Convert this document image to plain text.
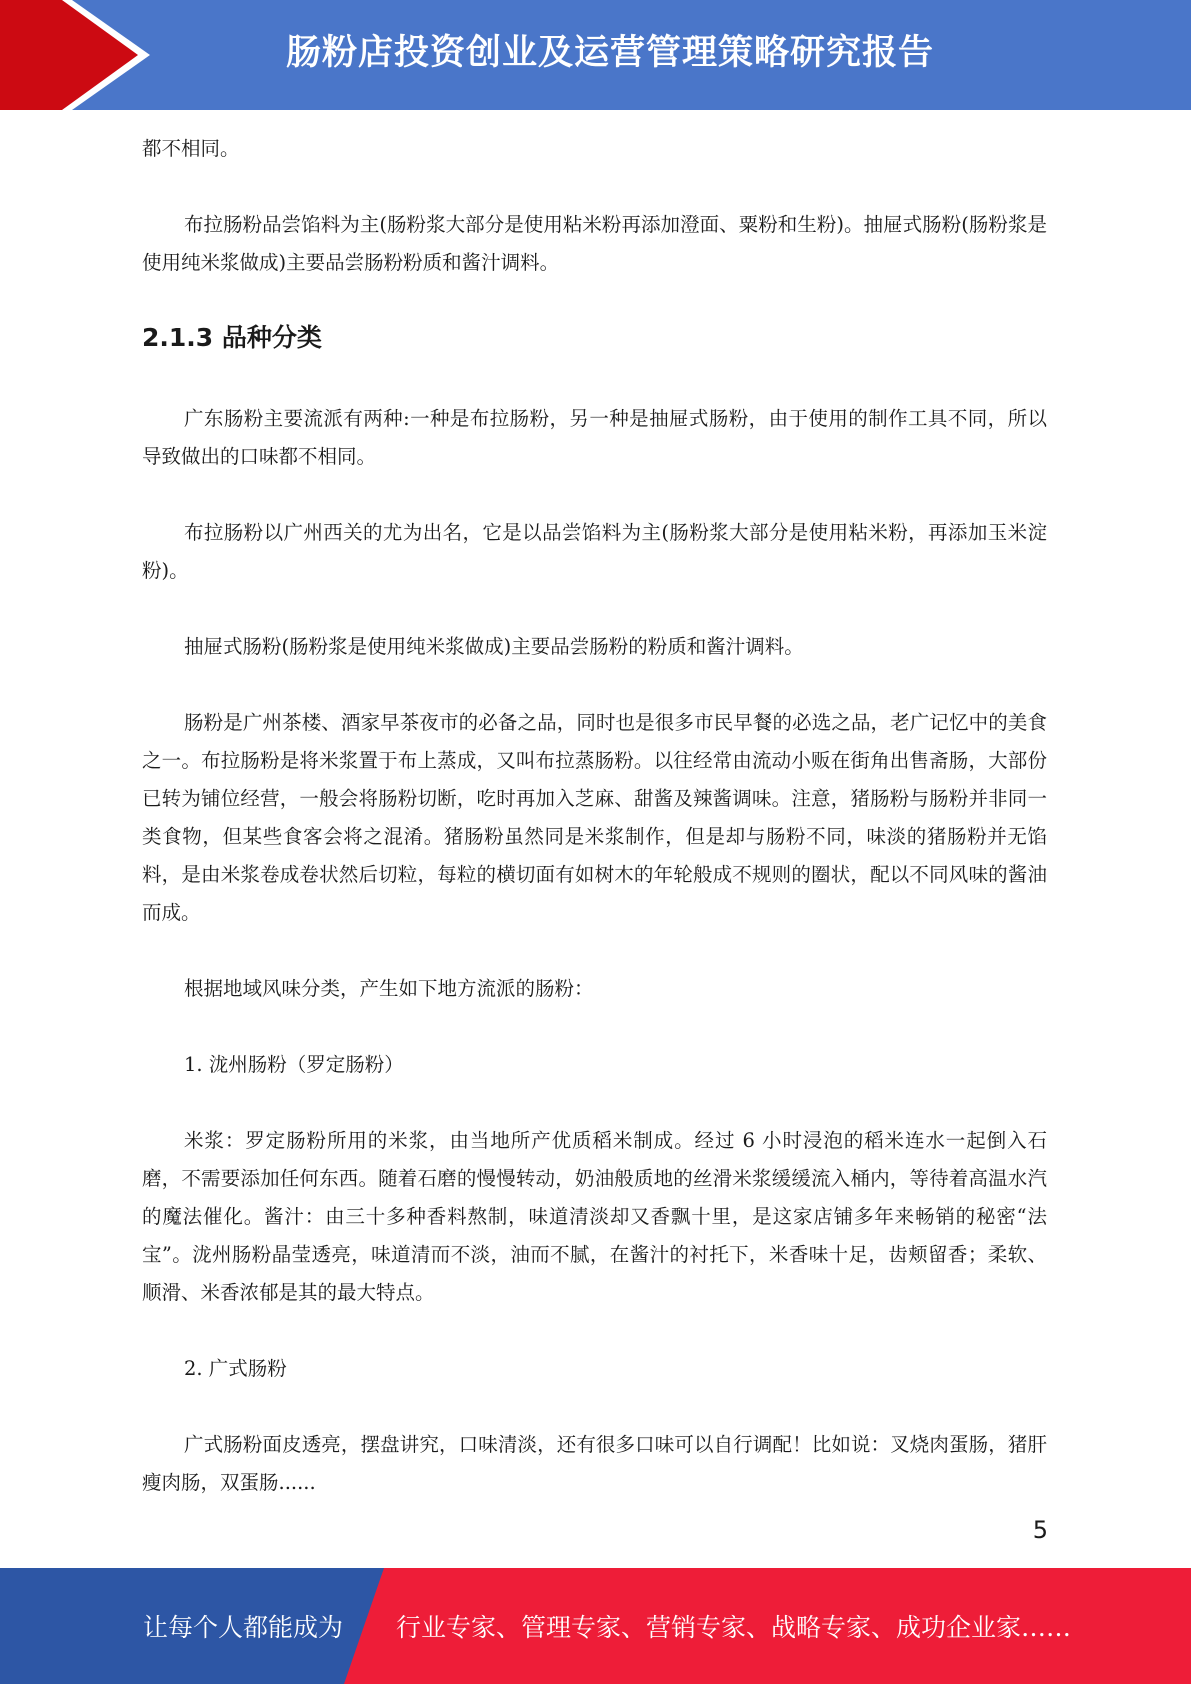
肠粉店投资创业及运营管理策略研究报告

都不相同。

布拉肠粉品尝馅料为主(肠粉浆大部分是使用粘米粉再添加澄面、粟粉和生粉)。抽屉式肠粉(肠粉浆是使用纯米浆做成)主要品尝肠粉粉质和酱汁调料。

2.1.3 品种分类

广东肠粉主要流派有两种:一种是布拉肠粉，另一种是抽屉式肠粉，由于使用的制作工具不同，所以导致做出的口味都不相同。

布拉肠粉以广州西关的尤为出名，它是以品尝馅料为主(肠粉浆大部分是使用粘米粉，再添加玉米淀粉)。

抽屉式肠粉(肠粉浆是使用纯米浆做成)主要品尝肠粉的粉质和酱汁调料。

肠粉是广州茶楼、酒家早茶夜市的必备之品，同时也是很多市民早餐的必选之品，老广记忆中的美食之一。布拉肠粉是将米浆置于布上蒸成，又叫布拉蒸肠粉。以往经常由流动小贩在街角出售斋肠，大部份已转为铺位经营，一般会将肠粉切断，吃时再加入芝麻、甜酱及辣酱调味。注意，猪肠粉与肠粉并非同一类食物，但某些食客会将之混淆。猪肠粉虽然同是米浆制作，但是却与肠粉不同，味淡的猪肠粉并无馅料，是由米浆卷成卷状然后切粒，每粒的横切面有如树木的年轮般成不规则的圈状，配以不同风味的酱油而成。

根据地域风味分类，产生如下地方流派的肠粉：

1. 泷州肠粉（罗定肠粉）

米浆：罗定肠粉所用的米浆，由当地所产优质稻米制成。经过 6 小时浸泡的稻米连水一起倒入石磨，不需要添加任何东西。随着石磨的慢慢转动，奶油般质地的丝滑米浆缓缓流入桶内，等待着高温水汽的魔法催化。酱汁：由三十多种香料熬制，味道清淡却又香飘十里，是这家店铺多年来畅销的秘密“法宝”。泷州肠粉晶莹透亮，味道清而不淡，油而不腻，在酱汁的衬托下，米香味十足，齿颊留香；柔软、顺滑、米香浓郁是其的最大特点。

2. 广式肠粉

广式肠粉面皮透亮，摆盘讲究，口味清淡，还有很多口味可以自行调配！比如说：叉烧肉蛋肠，猪肝瘦肉肠，双蛋肠......

5
让每个人都能成为 行业专家、管理专家、营销专家、战略专家、成功企业家……
